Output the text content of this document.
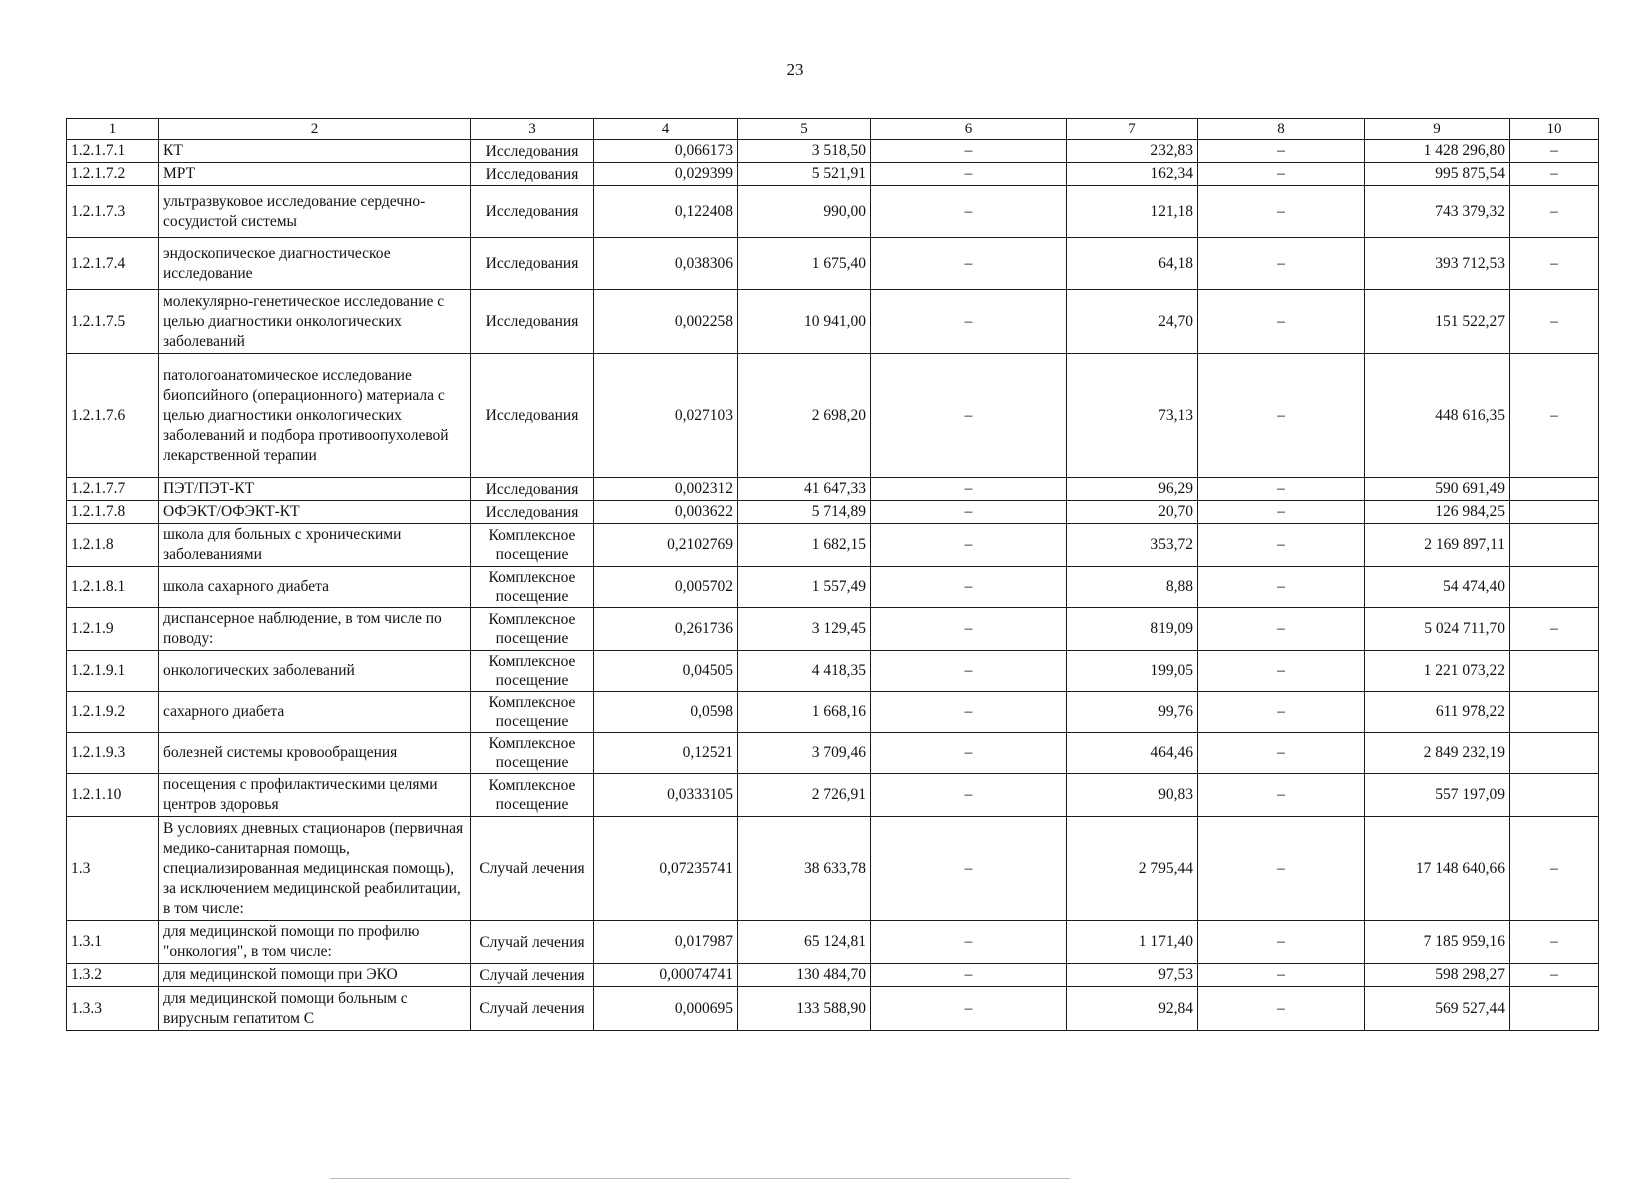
23
1	2	3	4	5	6	7	8	9	10
1.2.1.7.1	КТ	Исследования	0,066173	3 518,50	–	232,83	–	1 428 296,80	–
1.2.1.7.2	МРТ	Исследования	0,029399	5 521,91	–	162,34	–	995 875,54	–
1.2.1.7.3	ультразвуковое исследование сердечно-сосудистой системы	Исследования	0,122408	990,00	–	121,18	–	743 379,32	–
1.2.1.7.4	эндоскопическое диагностическое исследование	Исследования	0,038306	1 675,40	–	64,18	–	393 712,53	–
1.2.1.7.5	молекулярно-генетическое исследование с целью диагностики онкологических заболеваний	Исследования	0,002258	10 941,00	–	24,70	–	151 522,27	–
1.2.1.7.6	патологоанатомическое исследование биопсийного (операционного) материала с целью диагностики онкологических заболеваний и подбора противоопухолевой лекарственной терапии	Исследования	0,027103	2 698,20	–	73,13	–	448 616,35	–
1.2.1.7.7	ПЭТ/ПЭТ-КТ	Исследования	0,002312	41 647,33	–	96,29	–	590 691,49	
1.2.1.7.8	ОФЭКТ/ОФЭКТ-КТ	Исследования	0,003622	5 714,89	–	20,70	–	126 984,25	
1.2.1.8	школа для больных с хроническими заболеваниями	Комплексное посещение	0,2102769	1 682,15	–	353,72	–	2 169 897,11	
1.2.1.8.1	школа сахарного диабета	Комплексное посещение	0,005702	1 557,49	–	8,88	–	54 474,40	
1.2.1.9	диспансерное наблюдение, в том числе по поводу:	Комплексное посещение	0,261736	3 129,45	–	819,09	–	5 024 711,70	–
1.2.1.9.1	онкологических заболеваний	Комплексное посещение	0,04505	4 418,35	–	199,05	–	1 221 073,22	
1.2.1.9.2	сахарного диабета	Комплексное посещение	0,0598	1 668,16	–	99,76	–	611 978,22	
1.2.1.9.3	болезней системы кровообращения	Комплексное посещение	0,12521	3 709,46	–	464,46	–	2 849 232,19	
1.2.1.10	посещения с профилактическими целями центров здоровья	Комплексное посещение	0,0333105	2 726,91	–	90,83	–	557 197,09	
1.3	В условиях дневных стационаров (первичная медико-санитарная помощь, специализированная медицинская помощь), за исключением медицинской реабилитации, в том числе:	Случай лечения	0,07235741	38 633,78	–	2 795,44	–	17 148 640,66	–
1.3.1	для медицинской помощи по профилю "онкология", в том числе:	Случай лечения	0,017987	65 124,81	–	1 171,40	–	7 185 959,16	–
1.3.2	для медицинской помощи при ЭКО	Случай лечения	0,00074741	130 484,70	–	97,53	–	598 298,27	–
1.3.3	для медицинской помощи больным с вирусным гепатитом С	Случай лечения	0,000695	133 588,90	–	92,84	–	569 527,44	
